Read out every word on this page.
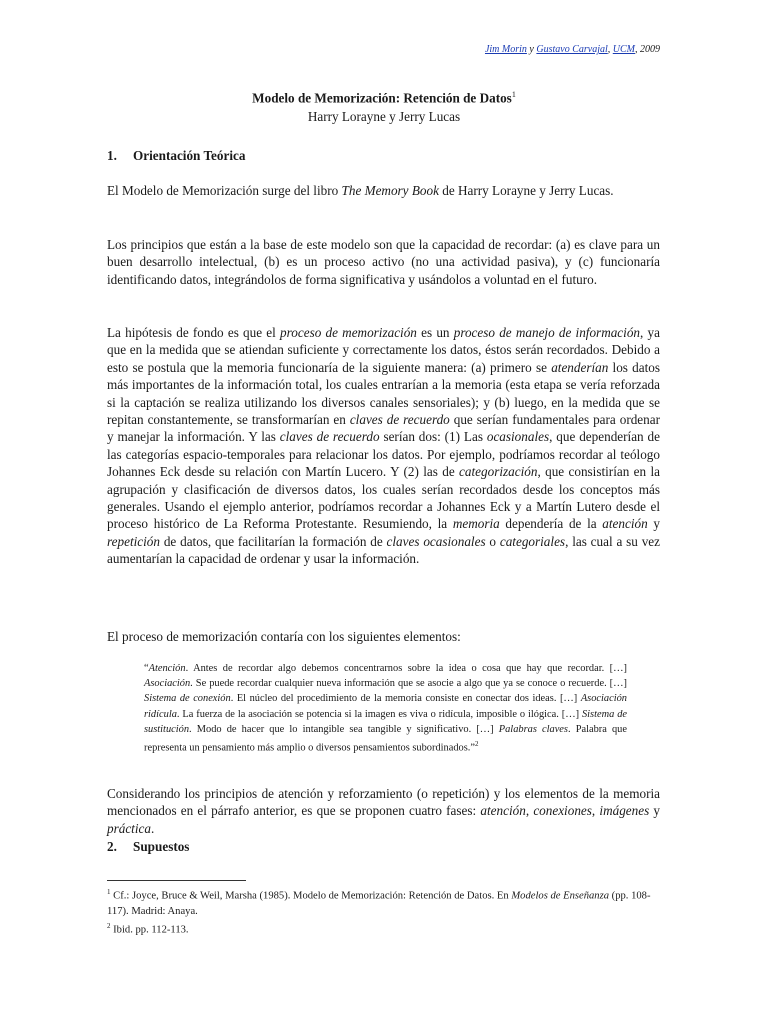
Jim Morin y Gustavo Carvajal, UCM, 2009
Modelo de Memorización: Retención de Datos$^1$
Harry Lorayne y Jerry Lucas
1. Orientación Teórica

El Modelo de Memorización surge del libro The Memory Book de Harry Lorayne y Jerry Lucas.

Los principios que están a la base de este modelo son que la capacidad de recordar: (a) es clave para un buen desarrollo intelectual, (b) es un proceso activo (no una actividad pasiva), y (c) funcionaría identificando datos, integrándolos de forma significativa y usándolos a voluntad en el futuro.

La hipótesis de fondo es que el proceso de memorización es un proceso de manejo de información, ya que en la medida que se atiendan suficiente y correctamente los datos, éstos serán recordados. Debido a esto se postula que la memoria funcionaría de la siguiente manera: (a) primero se atenderían los datos más importantes de la información total, los cuales entrarían a la memoria (esta etapa se vería reforzada si la captación se realiza utilizando los diversos canales sensoriales); y (b) luego, en la medida que se repitan constantemente, se transformarían en claves de recuerdo que serían fundamentales para ordenar y manejar la información. Y las claves de recuerdo serían dos: (1) Las ocasionales, que dependerían de las categorías espacio-temporales para relacionar los datos. Por ejemplo, podríamos recordar al teólogo Johannes Eck desde su relación con Martín Lucero. Y (2) las de categorización, que consistirían en la agrupación y clasificación de diversos datos, los cuales serían recordados desde los conceptos más generales. Usando el ejemplo anterior, podríamos recordar a Johannes Eck y a Martín Lutero desde el proceso histórico de La Reforma Protestante. Resumiendo, la memoria dependería de la atención y repetición de datos, que facilitarían la formación de claves ocasionales o categoriales, las cual a su vez aumentarían la capacidad de ordenar y usar la información.

El proceso de memorización contaría con los siguientes elementos:

“Atención. Antes de recordar algo debemos concentrarnos sobre la idea o cosa que hay que recordar. […] Asociación. Se puede recordar cualquier nueva información que se asocie a algo que ya se conoce o recuerde. […] Sistema de conexión. El núcleo del procedimiento de la memoria consiste en conectar dos ideas. […] Asociación ridícula. La fuerza de la asociación se potencia si la imagen es viva o ridícula, imposible o ilógica. […] Sistema de sustitución. Modo de hacer que lo intangible sea tangible y significativo. […] Palabras claves. Palabra que representa un pensamiento más amplio o diversos pensamientos subordinados.”$^2$

Considerando los principios de atención y reforzamiento (o repetición) y los elementos de la memoria mencionados en el párrafo anterior, es que se proponen cuatro fases: atención, conexiones, imágenes y práctica.

2. Supuestos

$^1$ Cf.: Joyce, Bruce & Weil, Marsha (1985). Modelo de Memorización: Retención de Datos. En Modelos de Enseñanza (pp. 108-117). Madrid: Anaya.

$^2$ Ibid. pp. 112-113.
